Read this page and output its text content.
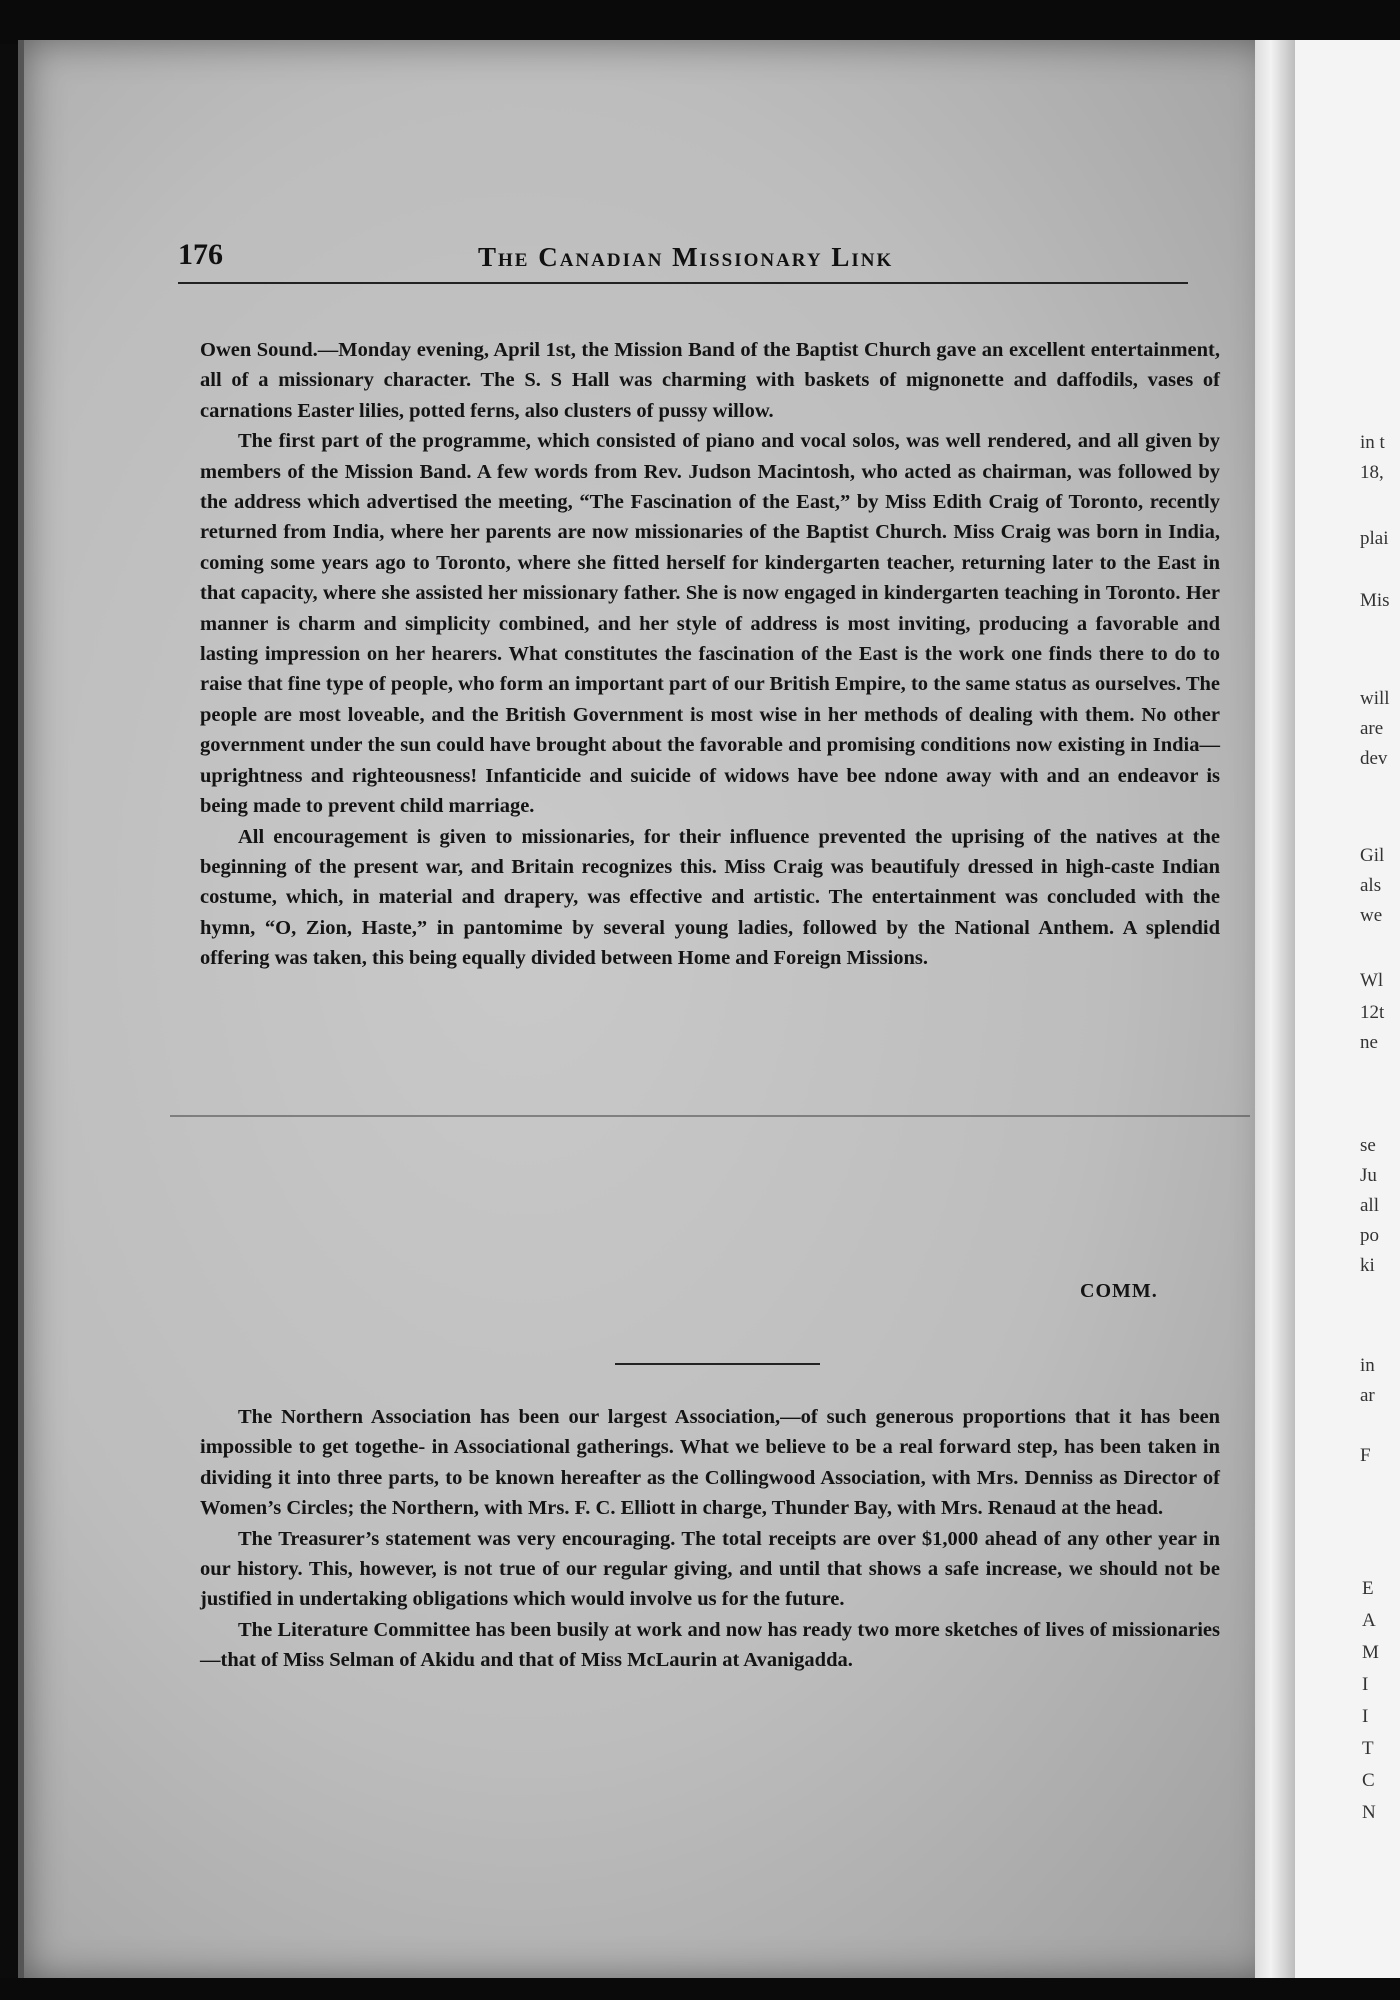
176	The Canadian Missionary Link

Owen Sound.—Monday evening, April 1st, the Mission Band of the Baptist Church gave an excellent entertainment, all of a missionary character. The S. S Hall was charming with baskets of mignonette and daffodils, vases of carnations Easter lilies, potted ferns, also clusters of pussy willow.

The first part of the programme, which consisted of piano and vocal solos, was well rendered, and all given by members of the Mission Band. A few words from Rev. Judson Macintosh, who acted as chairman, was followed by the address which advertised the meeting, “The Fascination of the East,” by Miss Edith Craig of Toronto, recently returned from India, where her parents are now missionaries of the Baptist Church. Miss Craig was born in India, coming some years ago to Toronto, where she fitted herself for kindergarten teacher, returning later to the East in that capacity, where she assisted her missionary father. She is now engaged in kindergarten teaching in Toronto. Her manner is charm and simplicity combined, and her style of address is most inviting, producing a favorable and lasting impression on her hearers. What constitutes the fascination of the East is the work one finds there to do to raise that fine type of people, who form an important part of our British Empire, to the same status as ourselves. The people are most loveable, and the British Government is most wise in her methods of dealing with them. No other government under the sun could have brought about the favorable and promising conditions now existing in India—uprightness and righteousness! Infanticide and suicide of widows have bee ndone away with and an endeavor is being made to prevent child marriage.

All encouragement is given to missionaries, for their influence prevented the uprising of the natives at the beginning of the present war, and Britain recognizes this. Miss Craig was beautifuly dressed in high-caste Indian costume, which, in material and drapery, was effective and artistic. The entertainment was concluded with the hymn, “O, Zion, Haste,” in pantomime by several young ladies, followed by the National Anthem. A splendid offering was taken, this being equally divided between Home and Foreign Missions.

COMM.

The Northern Association has been our largest Association,—of such generous proportions that it has been impossible to get togethe- in Associational gatherings. What we believe to be a real forward step, has been taken in dividing it into three parts, to be known hereafter as the Collingwood Association, with Mrs. Denniss as Director of Women’s Circles; the Northern, with Mrs. F. C. Elliott in charge, Thunder Bay, with Mrs. Renaud at the head.

The Treasurer’s statement was very encouraging. The total receipts are over $1,000 ahead of any other year in our history. This, however, is not true of our regular giving, and until that shows a safe increase, we should not be justified in undertaking obligations which would involve us for the future.

The Literature Committee has been busily at work and now has ready two more sketches of lives of missionaries—that of Miss Selman of Akidu and that of Miss McLaurin at Avanigadda.

in t
18,
plai
Mis
will
are
dev
Gil
als
we
Wl
12t
ne
se
Ju
all
po
ki
in
ar
F
E
A
M
I
I
T
C
N
